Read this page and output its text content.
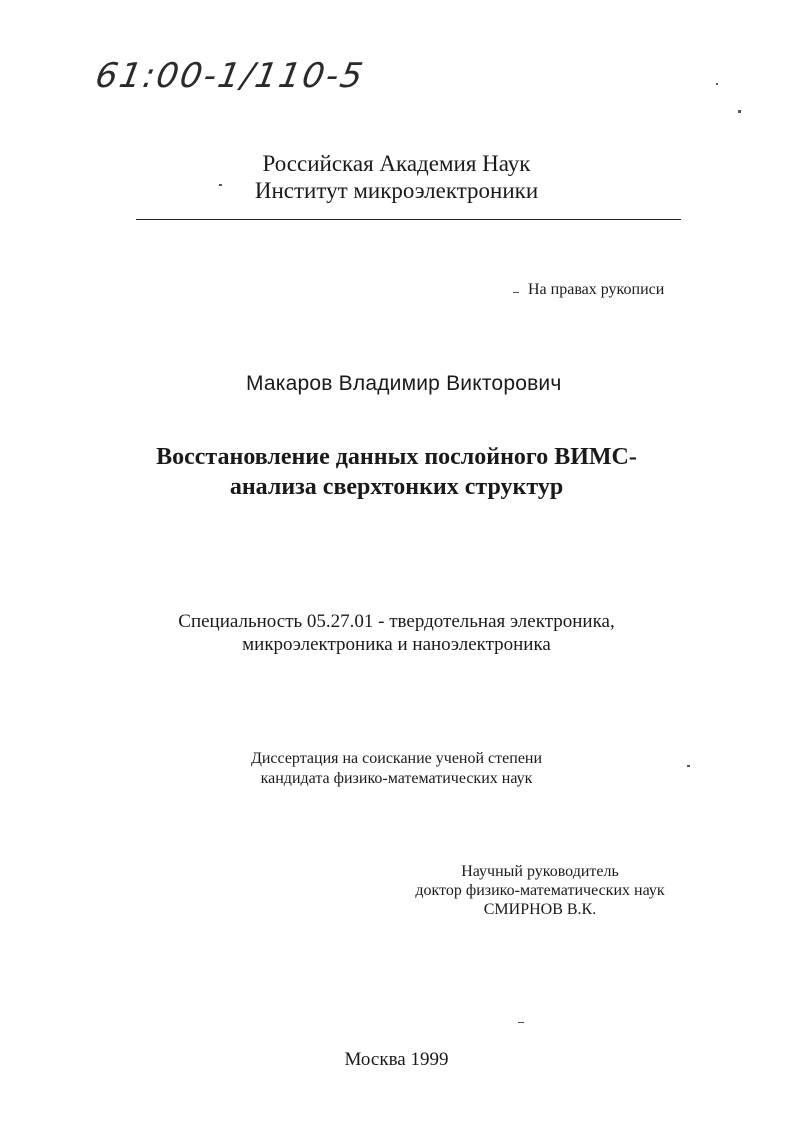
61:00-1/110-5
Российская Академия Наук
Институт микроэлектроники
На правах рукописи
Макаров Владимир Викторович
Восстановление данных послойного ВИМС-
анализа сверхтонких структур
Специальность 05.27.01 - твердотельная электроника,
микроэлектроника и наноэлектроника
Диссертация на соискание ученой степени
кандидата физико-математических наук
Научный руководитель
доктор физико-математических наук
СМИРНОВ В.К.
Москва 1999
